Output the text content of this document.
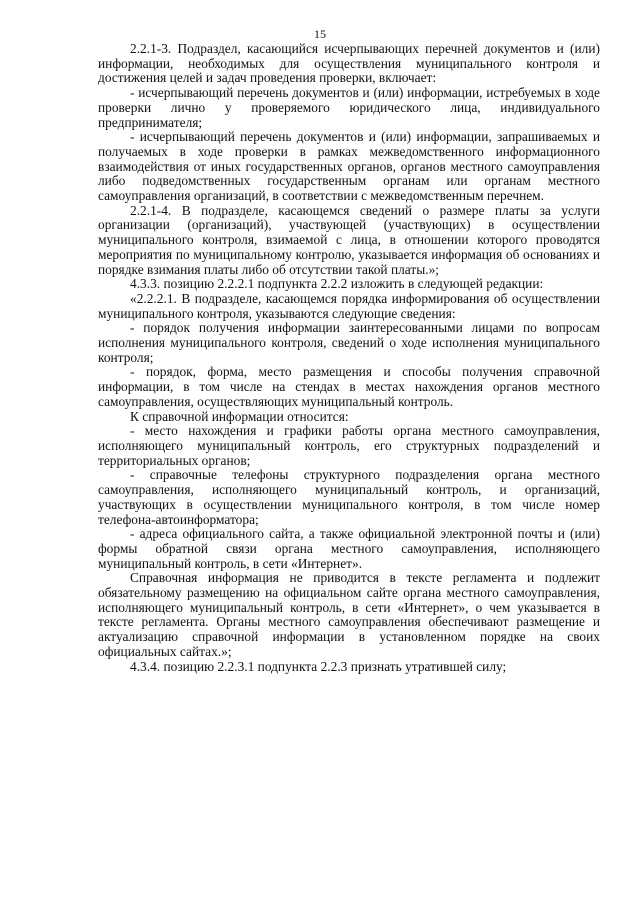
15

2.2.1-3. Подраздел, касающийся исчерпывающих перечней документов и (или) информации, необходимых для осуществления муниципального контроля и достижения целей и задач проведения проверки, включает:

- исчерпывающий перечень документов и (или) информации, истребуемых в ходе проверки лично у проверяемого юридического лица, индивидуального предпринимателя;

- исчерпывающий перечень документов и (или) информации, запрашиваемых и получаемых в ходе проверки в рамках межведомственного информационного взаимодействия от иных государственных органов, органов местного самоуправления либо подведомственных государственным органам или органам местного самоуправления организаций, в соответствии с межведомственным перечнем.

2.2.1-4. В подразделе, касающемся сведений о размере платы за услуги организации (организаций), участвующей (участвующих) в осуществлении муниципального контроля, взимаемой с лица, в отношении которого проводятся мероприятия по муниципальному контролю, указывается информация об основаниях и порядке взимания платы либо об отсутствии такой платы.»;

4.3.3. позицию 2.2.2.1 подпункта 2.2.2 изложить в следующей редакции:

«2.2.2.1. В подразделе, касающемся порядка информирования об осуществлении муниципального контроля, указываются следующие сведения:

- порядок получения информации заинтересованными лицами по вопросам исполнения муниципального контроля, сведений о ходе исполнения муниципального контроля;

- порядок, форма, место размещения и способы получения справочной информации, в том числе на стендах в местах нахождения органов местного самоуправления, осуществляющих муниципальный контроль.

К справочной информации относится:

- место нахождения и графики работы органа местного самоуправления, исполняющего муниципальный контроль, его структурных подразделений и территориальных органов;

- справочные телефоны структурного подразделения органа местного самоуправления, исполняющего муниципальный контроль, и организаций, участвующих в осуществлении муниципального контроля, в том числе номер телефона-автоинформатора;

- адреса официального сайта, а также официальной электронной почты и (или) формы обратной связи органа местного самоуправления, исполняющего муниципальный контроль, в сети «Интернет».

Справочная информация не приводится в тексте регламента и подлежит обязательному размещению на официальном сайте органа местного самоуправления, исполняющего муниципальный контроль, в сети «Интернет», о чем указывается в тексте регламента. Органы местного самоуправления обеспечивают размещение и актуализацию справочной информации в установленном порядке на своих официальных сайтах.»;

4.3.4. позицию 2.2.3.1 подпункта 2.2.3 признать утратившей силу;
